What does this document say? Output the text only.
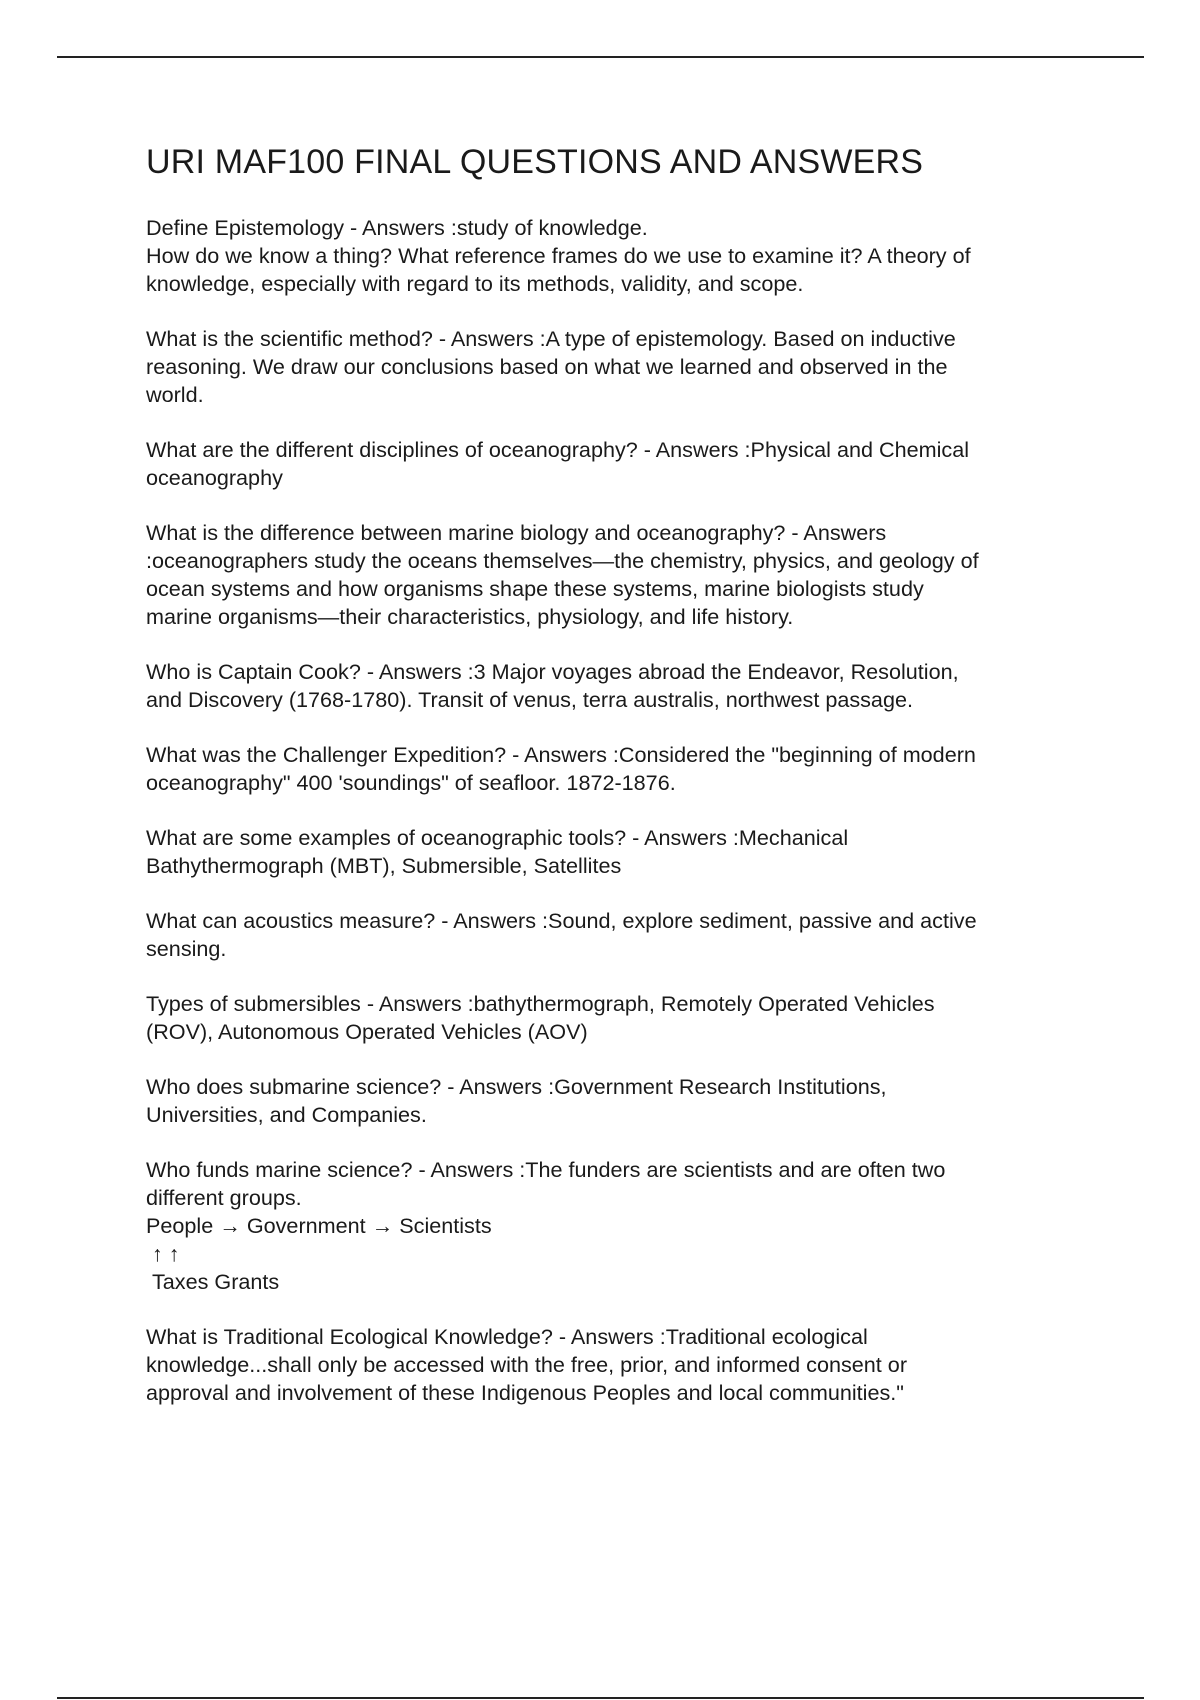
URI MAF100 FINAL QUESTIONS AND ANSWERS
Define Epistemology - Answers :study of knowledge.
How do we know a thing? What reference frames do we use to examine it? A theory of
knowledge, especially with regard to its methods, validity, and scope.
What is the scientific method? - Answers :A type of epistemology. Based on inductive
reasoning. We draw our conclusions based on what we learned and observed in the
world.
What are the different disciplines of oceanography? - Answers :Physical and Chemical
oceanography
What is the difference between marine biology and oceanography? - Answers
:oceanographers study the oceans themselves—the chemistry, physics, and geology of
ocean systems and how organisms shape these systems, marine biologists study
marine organisms—their characteristics, physiology, and life history.
Who is Captain Cook? - Answers :3 Major voyages abroad the Endeavor, Resolution,
and Discovery (1768-1780). Transit of venus, terra australis, northwest passage.
What was the Challenger Expedition? - Answers :Considered the "beginning of modern
oceanography" 400 'soundings" of seafloor. 1872-1876.
What are some examples of oceanographic tools? - Answers :Mechanical
Bathythermograph (MBT), Submersible, Satellites
What can acoustics measure? - Answers :Sound, explore sediment, passive and active
sensing.
Types of submersibles - Answers :bathythermograph, Remotely Operated Vehicles
(ROV), Autonomous Operated Vehicles (AOV)
Who does submarine science? - Answers :Government Research Institutions,
Universities, and Companies.
Who funds marine science? - Answers :The funders are scientists and are often two
different groups.
People → Government → Scientists
↑ ↑
Taxes Grants
What is Traditional Ecological Knowledge? - Answers :Traditional ecological
knowledge...shall only be accessed with the free, prior, and informed consent or
approval and involvement of these Indigenous Peoples and local communities."
